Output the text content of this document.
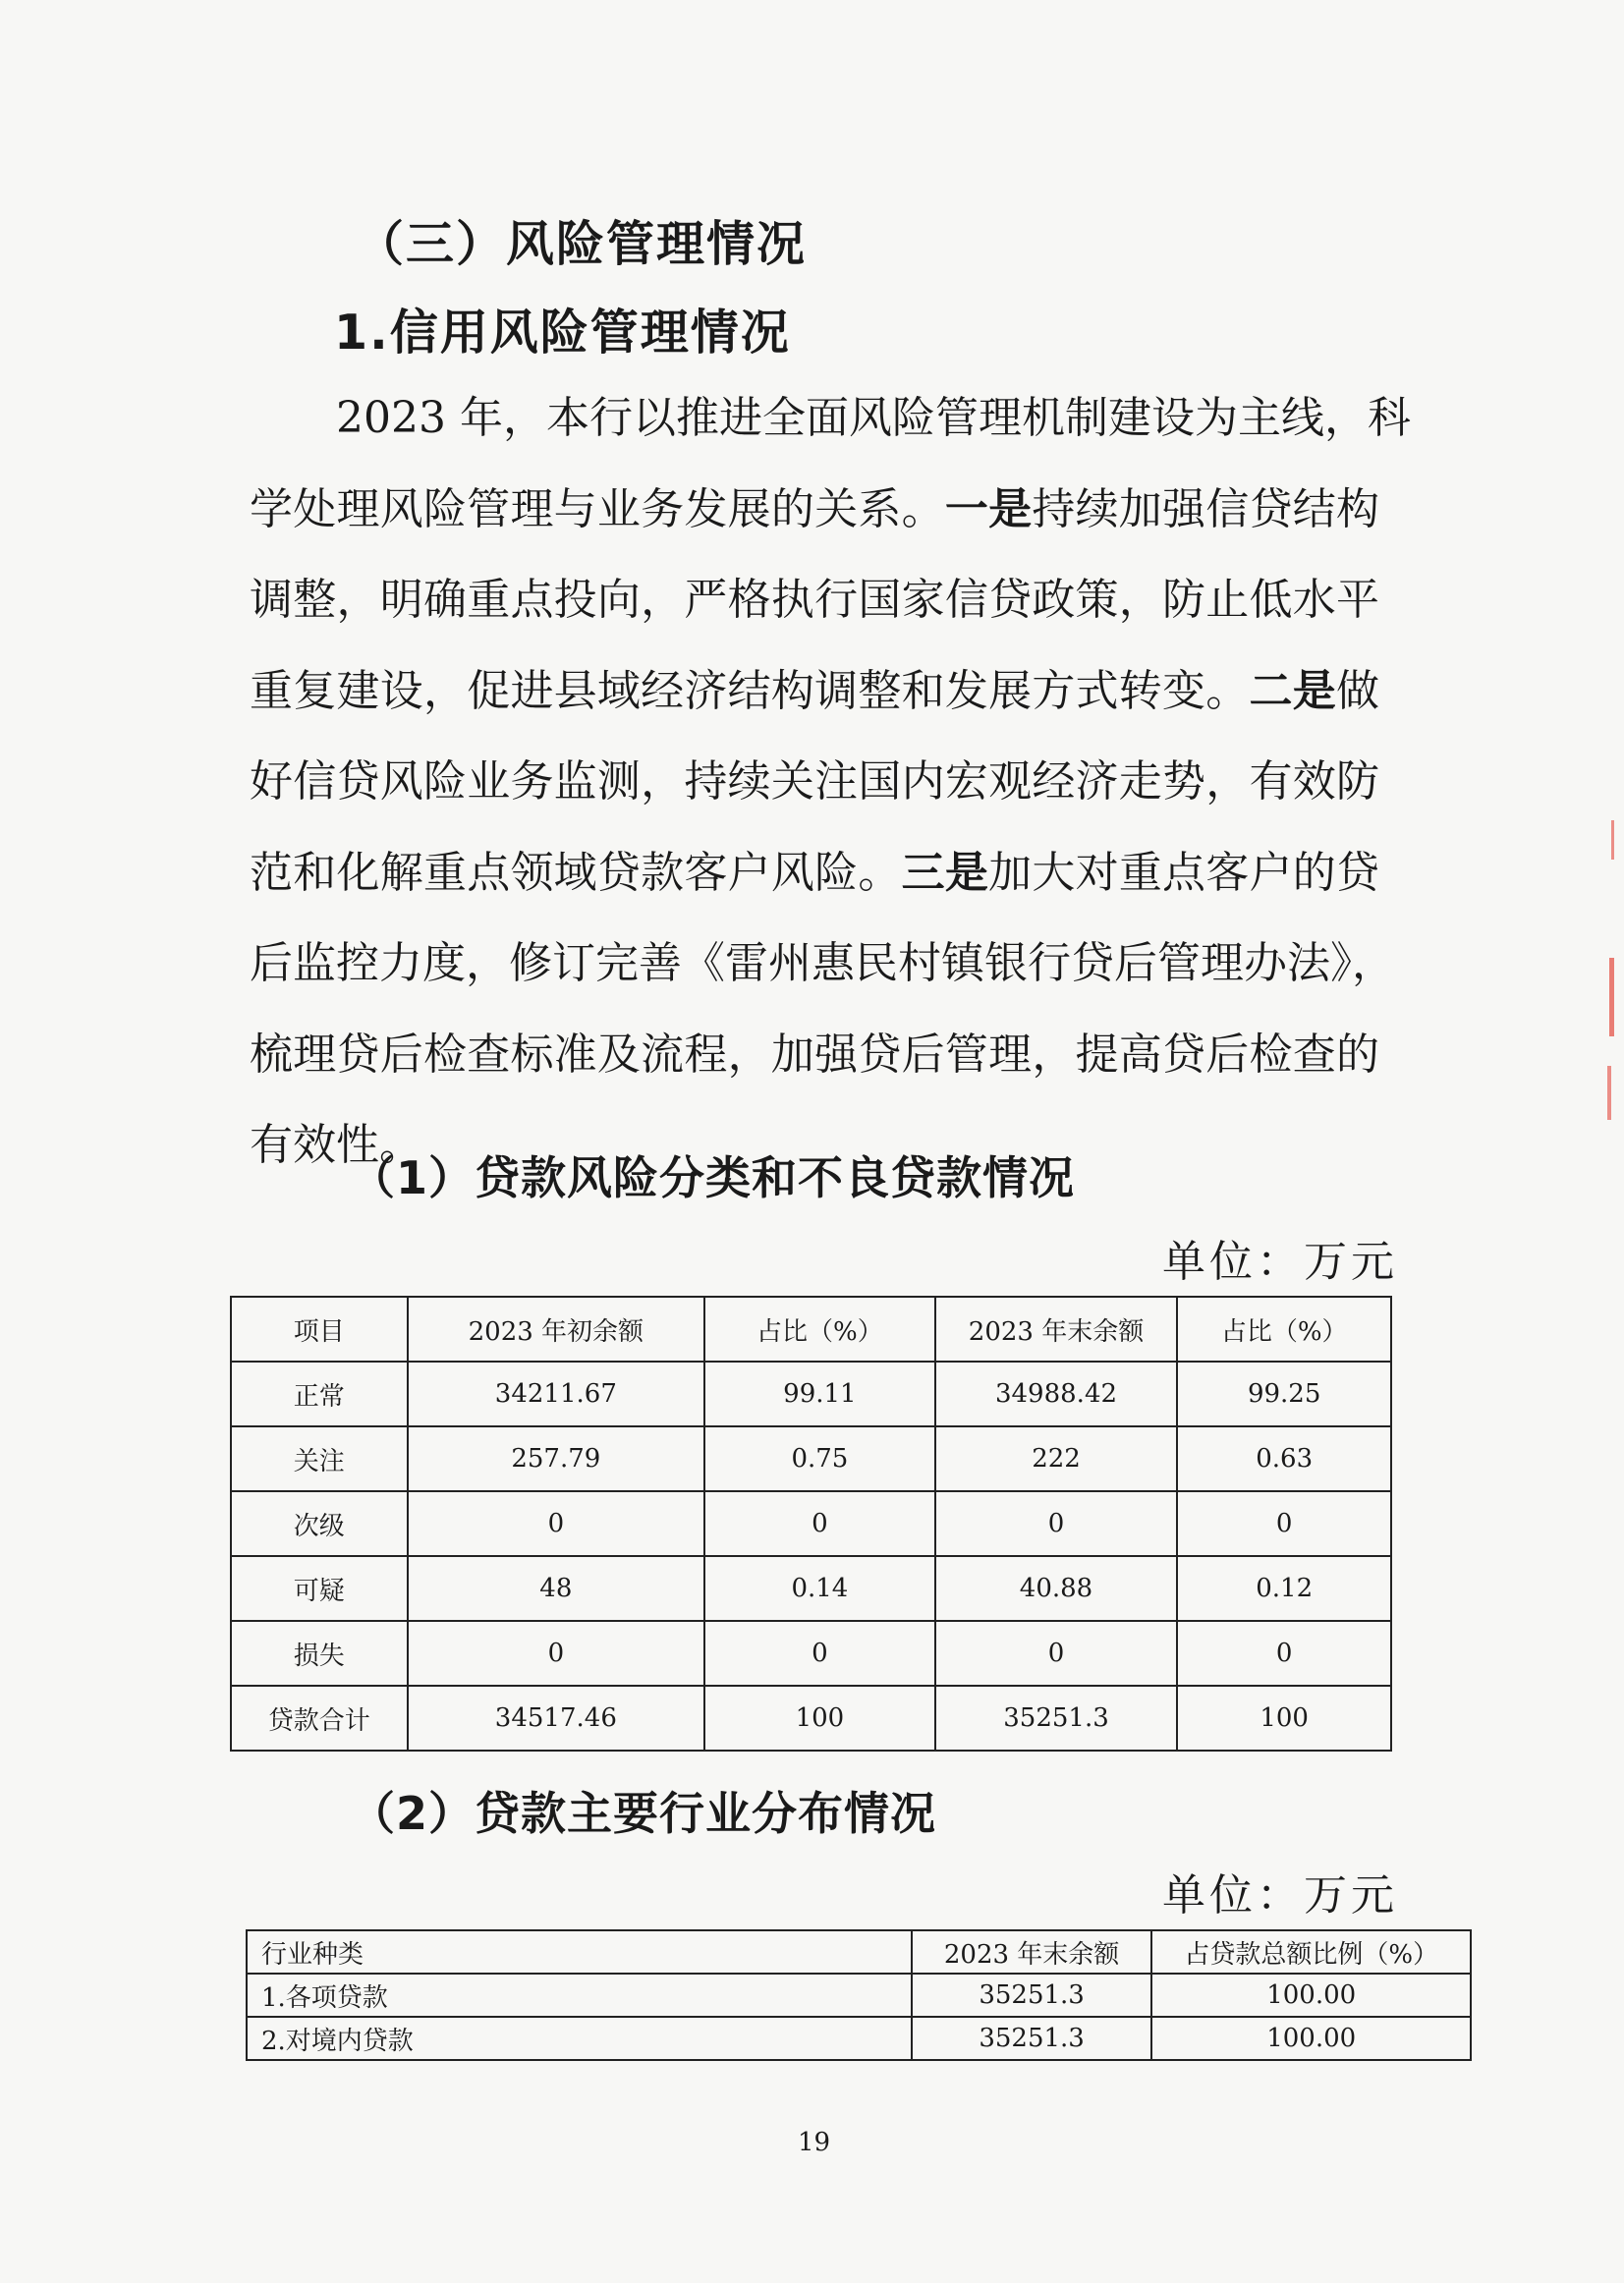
（三）风险管理情况
1.信用风险管理情况
2023 年，本行以推进全面风险管理机制建设为主线，科
学处理风险管理与业务发展的关系。一是持续加强信贷结构
调整，明确重点投向，严格执行国家信贷政策，防止低水平
重复建设，促进县域经济结构调整和发展方式转变。二是做
好信贷风险业务监测，持续关注国内宏观经济走势，有效防
范和化解重点领域贷款客户风险。三是加大对重点客户的贷
后监控力度，修订完善《雷州惠民村镇银行贷后管理办法》，
梳理贷后检查标准及流程，加强贷后管理，提高贷后检查的
有效性。
（1）贷款风险分类和不良贷款情况
单位：万元
项目	2023 年初余额	占比（%）	2023 年末余额	占比（%）
正常	34211.67	99.11	34988.42	99.25
关注	257.79	0.75	222	0.63
次级	0	0	0	0
可疑	48	0.14	40.88	0.12
损失	0	0	0	0
贷款合计	34517.46	100	35251.3	100
（2）贷款主要行业分布情况
单位：万元
行业种类	2023 年末余额	占贷款总额比例（%）
1.各项贷款	35251.3	100.00
2.对境内贷款	35251.3	100.00
19
